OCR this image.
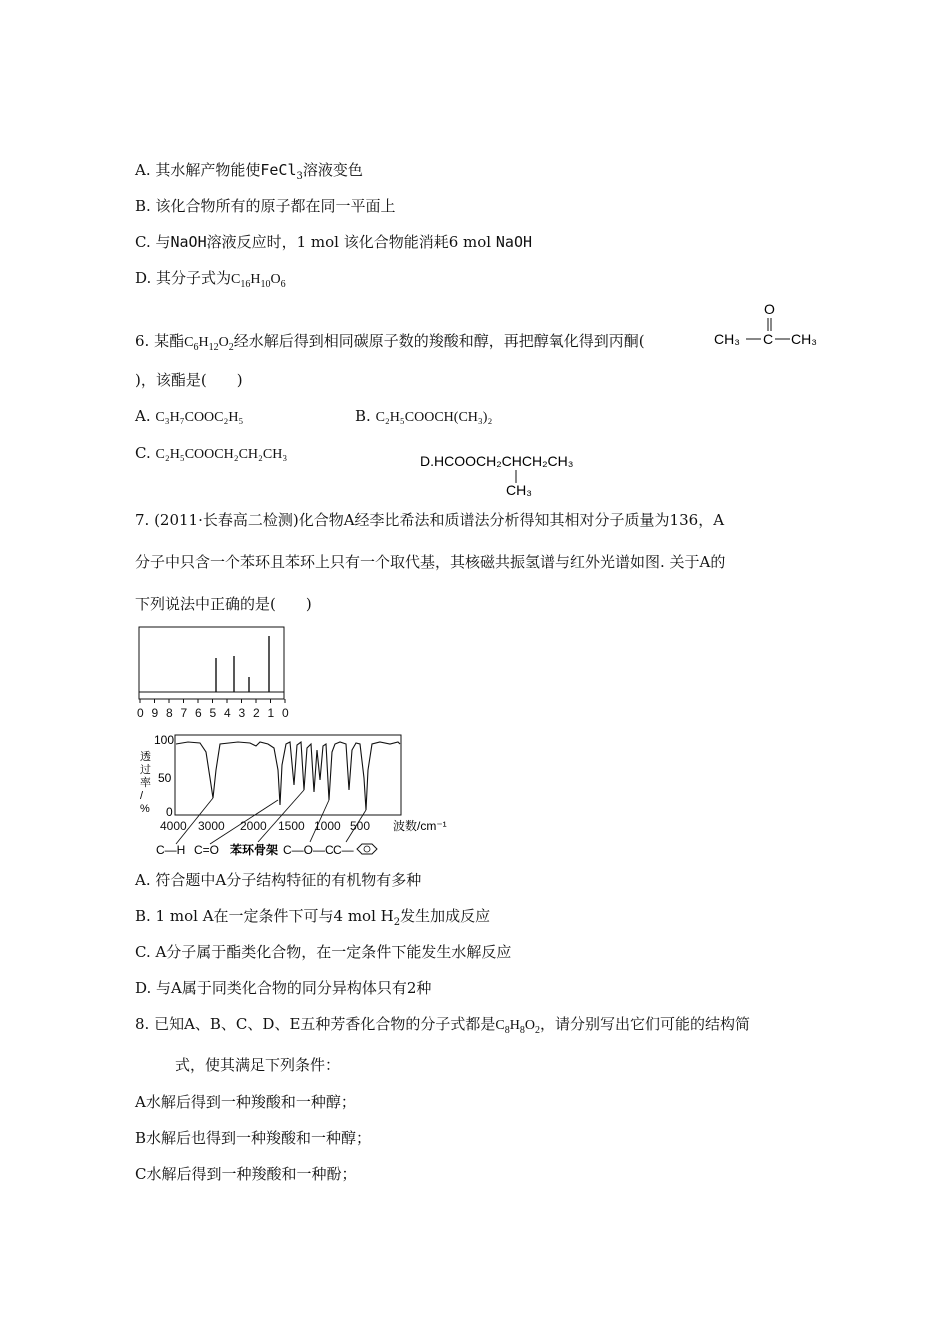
A. 其水解产物能使FeCl$_3$溶液变色
B. 该化合物所有的原子都在同一平面上
C. 与NaOH溶液反应时，1 mol 该化合物能消耗6 mol NaOH
D. 其分子式为$C_{16}H_{10}O_6$
6. 某酯$C_6H_{12}O_2$经水解后得到相同碳原子数的羧酸和醇，再把醇氧化得到丙酮(
O
CH₃ C CH₃
)，该酯是(　　)
A. C₃H₇COOC₂H₅	B. C₂H₅COOCH(CH₃)₂
C. C₂H₅COOCH₂CH₂CH₃	D.HCOOCH₂CHCH₂CH₃
CH₃
7. (2011·长春高二检测)化合物A经李比希法和质谱法分析得知其相对分子质量为136，A
分子中只含一个苯环且苯环上只有一个取代基，其核磁共振氢谱与红外光谱如图. 关于A的
下列说法中正确的是(　　)
0 9 8 7 6 5 4 3 2 1 0
透
过
率
/
%
100
50
0
4000 3000 2000 1500 1000 500 波数/cm⁻¹
C—H C=O 苯环骨架 C—O—C C—
A. 符合题中A分子结构特征的有机物有多种
B. 1 mol A在一定条件下可与4 mol $H_2$发生加成反应
C. A分子属于酯类化合物，在一定条件下能发生水解反应
D. 与A属于同类化合物的同分异构体只有2种
8. 已知A、B、C、D、E五种芳香化合物的分子式都是$C_8H_8O_2$，请分别写出它们可能的结构简
式，使其满足下列条件：
A水解后得到一种羧酸和一种醇；
B水解后也得到一种羧酸和一种醇；
C水解后得到一种羧酸和一种酚；
